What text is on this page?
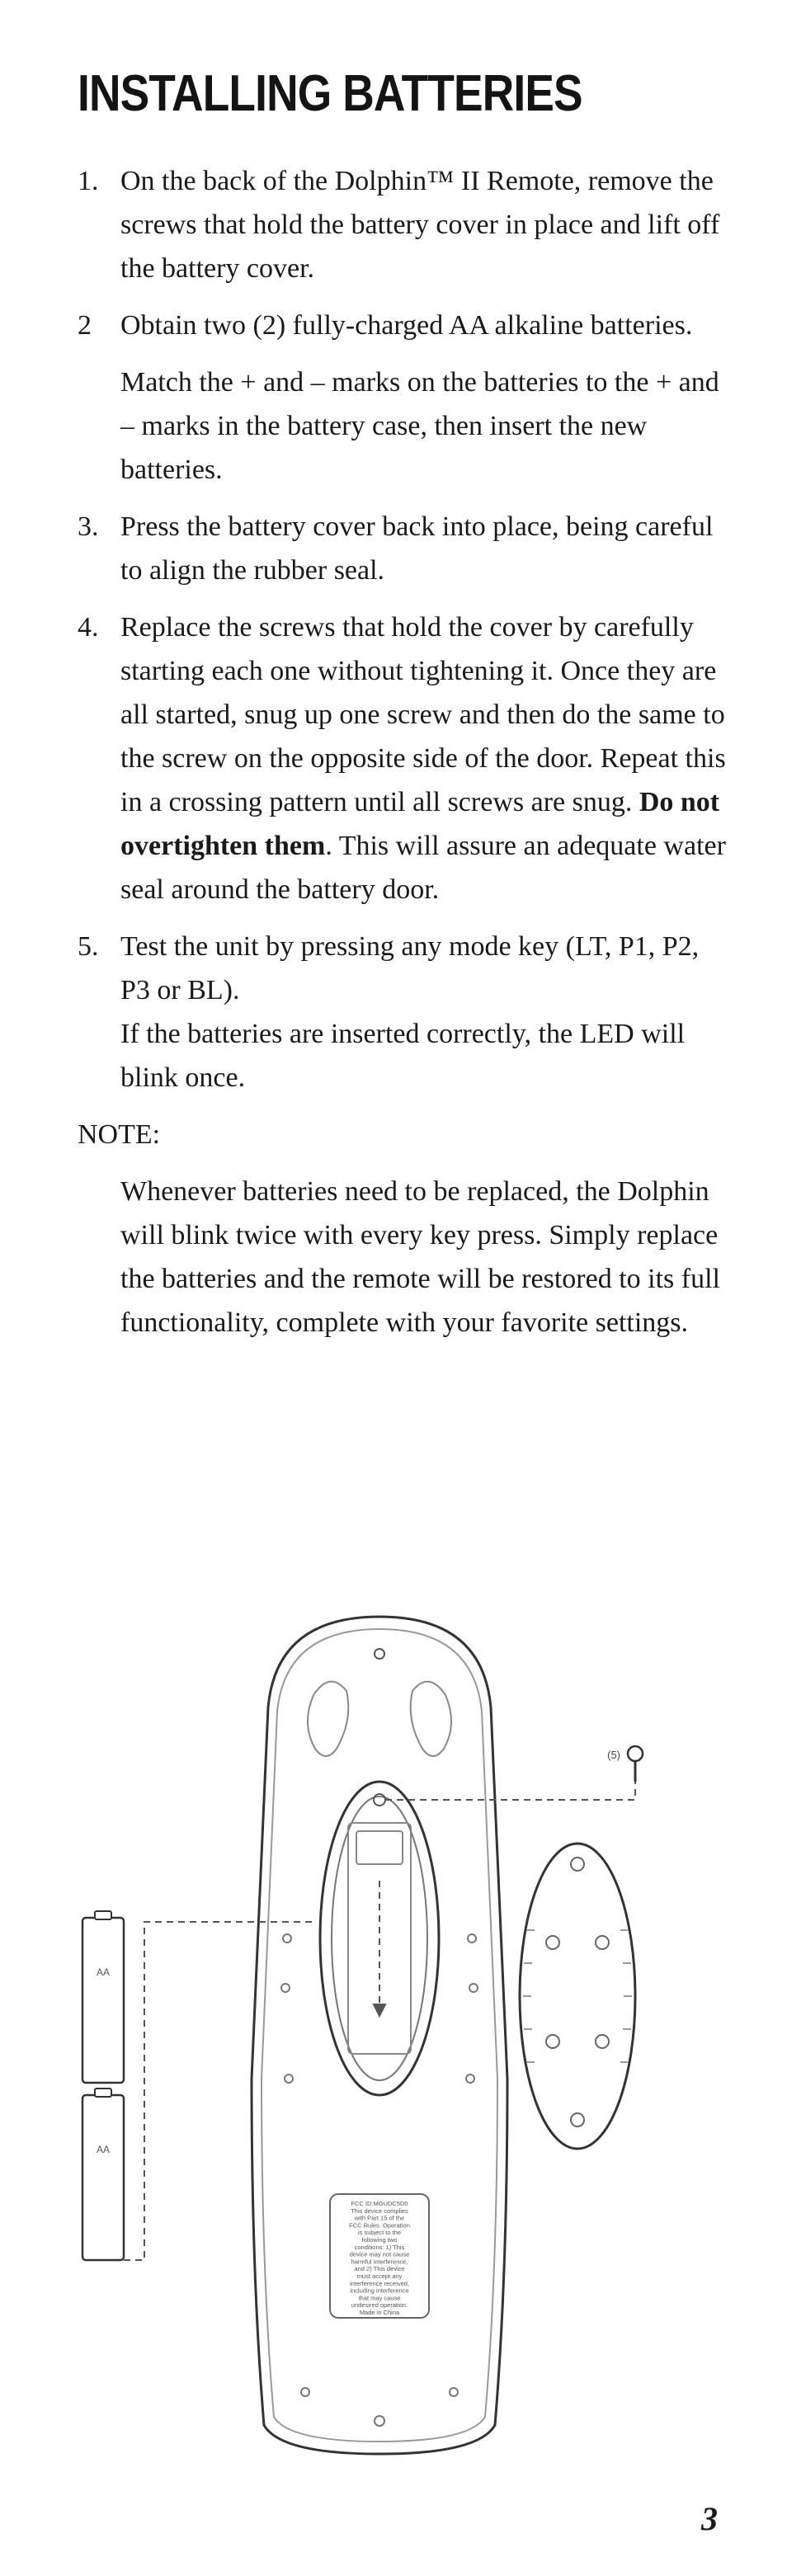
INSTALLING BATTERIES
1. On the back of the Dolphin™ II Remote, remove the screws that hold the battery cover in place and lift off the battery cover.

2	Obtain two (2) fully-charged AA alkaline batteries.

Match the + and – marks on the batteries to the + and – marks in the battery case, then insert the new batteries.

3. Press the battery cover back into place, being careful to align the rubber seal.

4. Replace the screws that hold the cover by carefully starting each one without tightening it. Once they are all started, snug up one screw and then do the same to the screw on the opposite side of the door. Repeat this in a crossing pattern until all screws are snug. Do not overtighten them. This will assure an adequate water seal around the battery door.

5. Test the unit by pressing any mode key (LT, P1, P2, P3 or BL).

If the batteries are inserted correctly, the LED will blink once.

NOTE:

Whenever batteries need to be replaced, the Dolphin will blink twice with every key press. Simply replace the batteries and the remote will be restored to its full functionality, complete with your favorite settings.

FCC ID:MGUDC5D0
This device complies
with Part 15 of the
FCC Rules. Operation
is subject to the
following two
conditions: 1) This
device may not cause
harmful interference,
and 2) This device
must accept any
interference received,
including interference
that may cause
undesired operation.
Made in China
AA
AA
(5)
3
